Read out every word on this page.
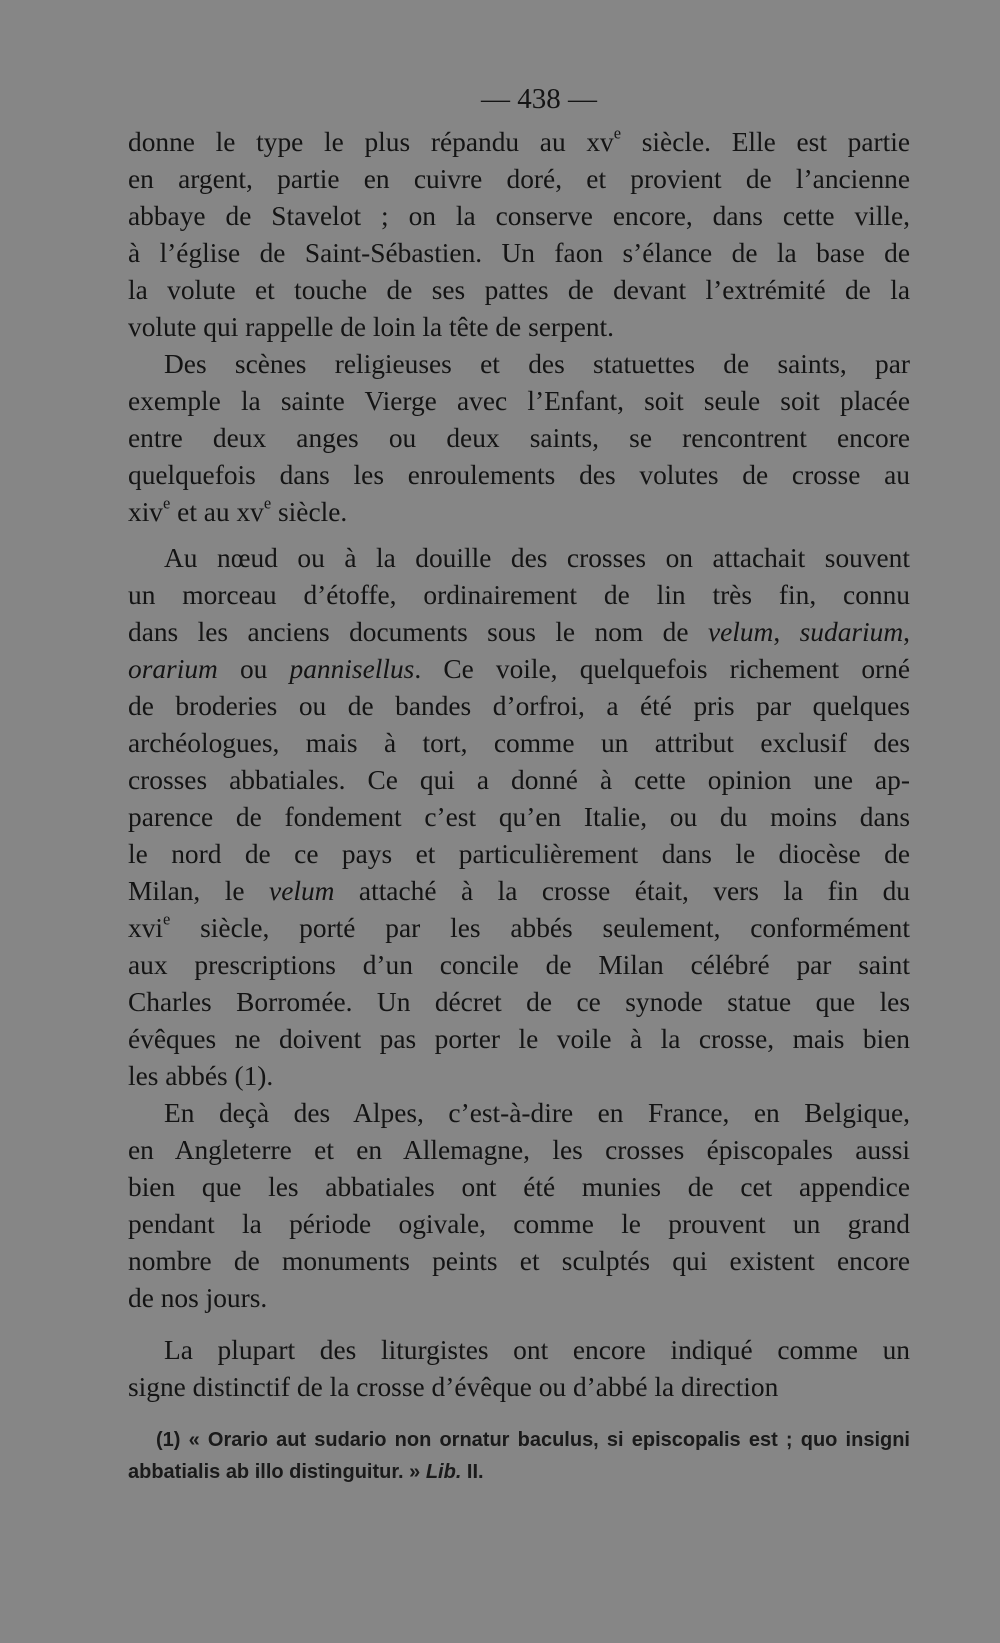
— 438 —
donne le type le plus répandu au $xv^e$ siècle. Elle est partie
en argent, partie en cuivre doré, et provient de l’ancienne
abbaye de Stavelot ; on la conserve encore, dans cette ville,
à l’église de Saint-Sébastien. Un faon s’élance de la base de
la volute et touche de ses pattes de devant l’extrémité de la
volute qui rappelle de loin la tête de serpent.
Des scènes religieuses et des statuettes de saints, par
exemple la sainte Vierge avec l’Enfant, soit seule soit placée
entre deux anges ou deux saints, se rencontrent encore
quelquefois dans les enroulements des volutes de crosse au
xiv$^e$ et au $xv^e$ siècle.
Au nœud ou à la douille des crosses on attachait souvent
un morceau d’étoffe, ordinairement de lin très fin, connu
dans les anciens documents sous le nom de velum, sudarium,
orarium ou pannisellus. Ce voile, quelquefois richement orné
de broderies ou de bandes d’orfroi, a été pris par quelques
archéologues, mais à tort, comme un attribut exclusif des
crosses abbatiales. Ce qui a donné à cette opinion une ap-
parence de fondement c’est qu’en Italie, ou du moins dans
le nord de ce pays et particulièrement dans le diocèse de
Milan, le velum attaché à la crosse était, vers la fin du
xvi$^e$ siècle, porté par les abbés seulement, conformément
aux prescriptions d’un concile de Milan célébré par saint
Charles Borromée. Un décret de ce synode statue que les
évêques ne doivent pas porter le voile à la crosse, mais bien
les abbés (1).
En deçà des Alpes, c’est-à-dire en France, en Belgique,
en Angleterre et en Allemagne, les crosses épiscopales aussi
bien que les abbatiales ont été munies de cet appendice
pendant la période ogivale, comme le prouvent un grand
nombre de monuments peints et sculptés qui existent encore
de nos jours.
La plupart des liturgistes ont encore indiqué comme un
signe distinctif de la crosse d’évêque ou d’abbé la direction
(1) « Orario aut sudario non ornatur baculus, si episcopalis est ; quo insigni
abbatialis ab illo distinguitur. » Lib. II.
